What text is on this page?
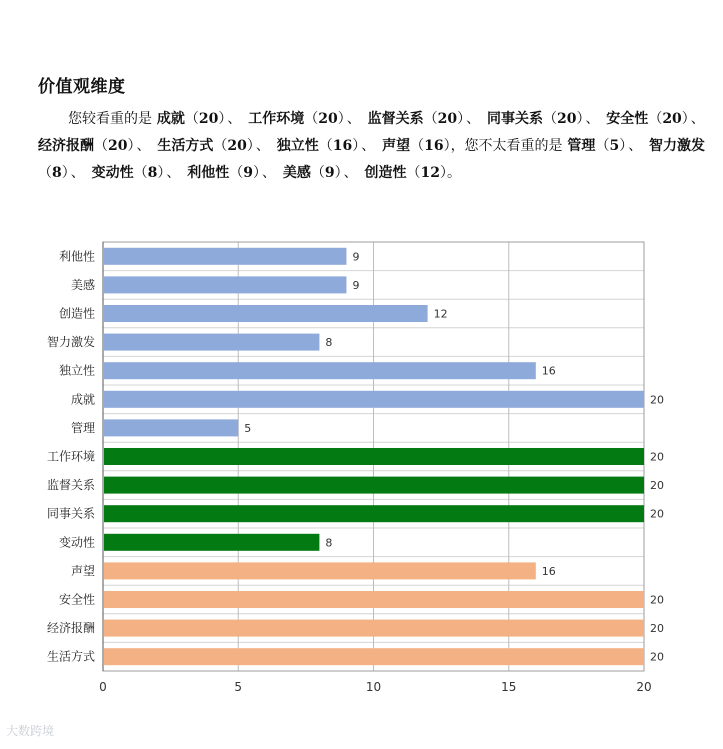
价值观维度
您较看重的是 成就（20） 、 工作环境（20） 、 监督关系（20） 、 同事关系（20） 、 安全性（20） 、 经济报酬（20） 、 生活方式（20） 、 独立性（16） 、 声望（16），您不太看重的是 管理（5） 、 智力激发（8） 、 变动性（8） 、 利他性（9） 、 美感（9） 、 创造性（12）。
0	5	10	15	20
利他性	9
美感	9
创造性	12
智力激发	8
独立性	16
成就	20
管理	5
工作环境	20
监督关系	20
同事关系	20
变动性	8
声望	16
安全性	20
经济报酬	20
生活方式	20
大数跨境
